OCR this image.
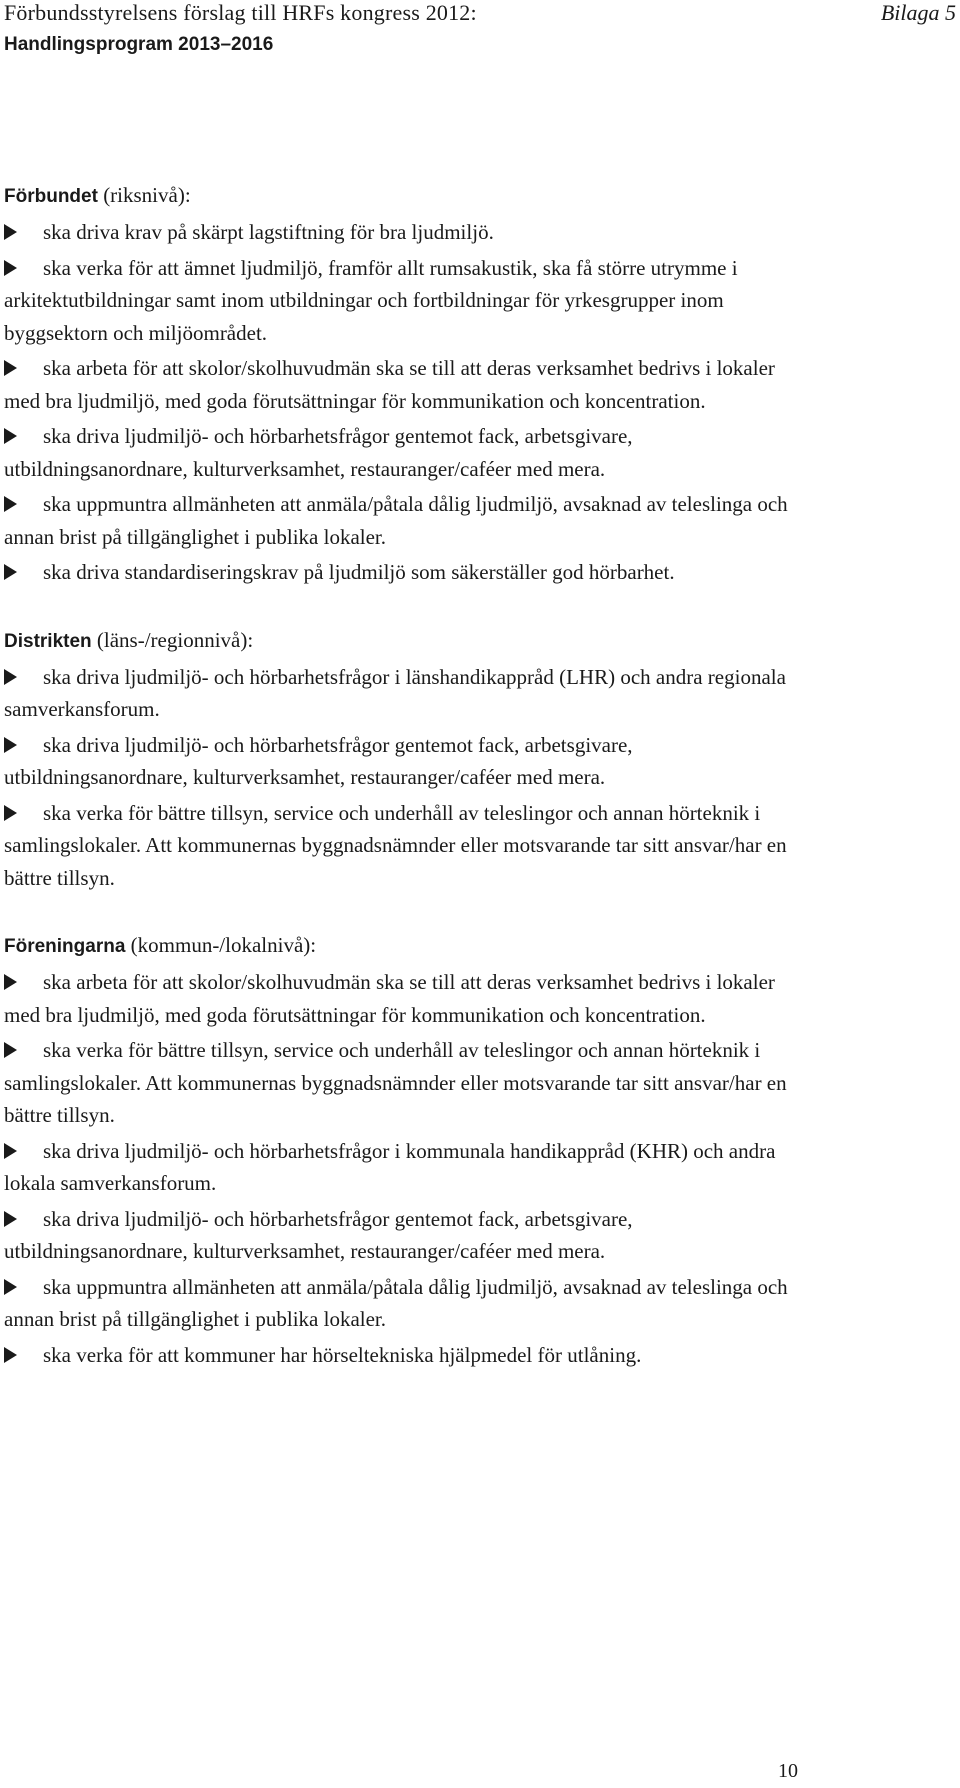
Förbundsstyrelsens förslag till HRFs kongress 2012:
Handlingsprogram 2013–2016
Bilaga 5
Förbundet (riksnivå):
ska driva krav på skärpt lagstiftning för bra ljudmiljö.
ska verka för att ämnet ljudmiljö, framför allt rumsakustik, ska få större utrymme i arkitektutbildningar samt inom utbildningar och fortbildningar för yrkesgrupper inom byggsektorn och miljöområdet.
ska arbeta för att skolor/skolhuvudmän ska se till att deras verksamhet bedrivs i lokaler med bra ljudmiljö, med goda förutsättningar för kommunikation och koncentration.
ska driva ljudmiljö- och hörbarhetsfrågor gentemot fack, arbetsgivare, utbildningsanordnare, kulturverksamhet, restauranger/caféer med mera.
ska uppmuntra allmänheten att anmäla/påtala dålig ljudmiljö, avsaknad av teleslinga och annan brist på tillgänglighet i publika lokaler.
ska driva standardiseringskrav på ljudmiljö som säkerställer god hörbarhet.
Distrikten (läns-/regionnivå):
ska driva ljudmiljö- och hörbarhetsfrågor i länshandikappråd (LHR) och andra regionala samverkansforum.
ska driva ljudmiljö- och hörbarhetsfrågor gentemot fack, arbetsgivare, utbildningsanordnare, kulturverksamhet, restauranger/caféer med mera.
ska verka för bättre tillsyn, service och underhåll av teleslingor och annan hörteknik i samlingslokaler. Att kommunernas byggnadsnämnder eller motsvarande tar sitt ansvar/har en bättre tillsyn.
Föreningarna (kommun-/lokalnivå):
ska arbeta för att skolor/skolhuvudmän ska se till att deras verksamhet bedrivs i lokaler med bra ljudmiljö, med goda förutsättningar för kommunikation och koncentration.
ska verka för bättre tillsyn, service och underhåll av teleslingor och annan hörteknik i samlingslokaler. Att kommunernas byggnadsnämnder eller motsvarande tar sitt ansvar/har en bättre tillsyn.
ska driva ljudmiljö- och hörbarhetsfrågor i kommunala handikappråd (KHR) och andra lokala samverkansforum.
ska driva ljudmiljö- och hörbarhetsfrågor gentemot fack, arbetsgivare, utbildningsanordnare, kulturverksamhet, restauranger/caféer med mera.
ska uppmuntra allmänheten att anmäla/påtala dålig ljudmiljö, avsaknad av teleslinga och annan brist på tillgänglighet i publika lokaler.
ska verka för att kommuner har hörseltekniska hjälpmedel för utlåning.
10
